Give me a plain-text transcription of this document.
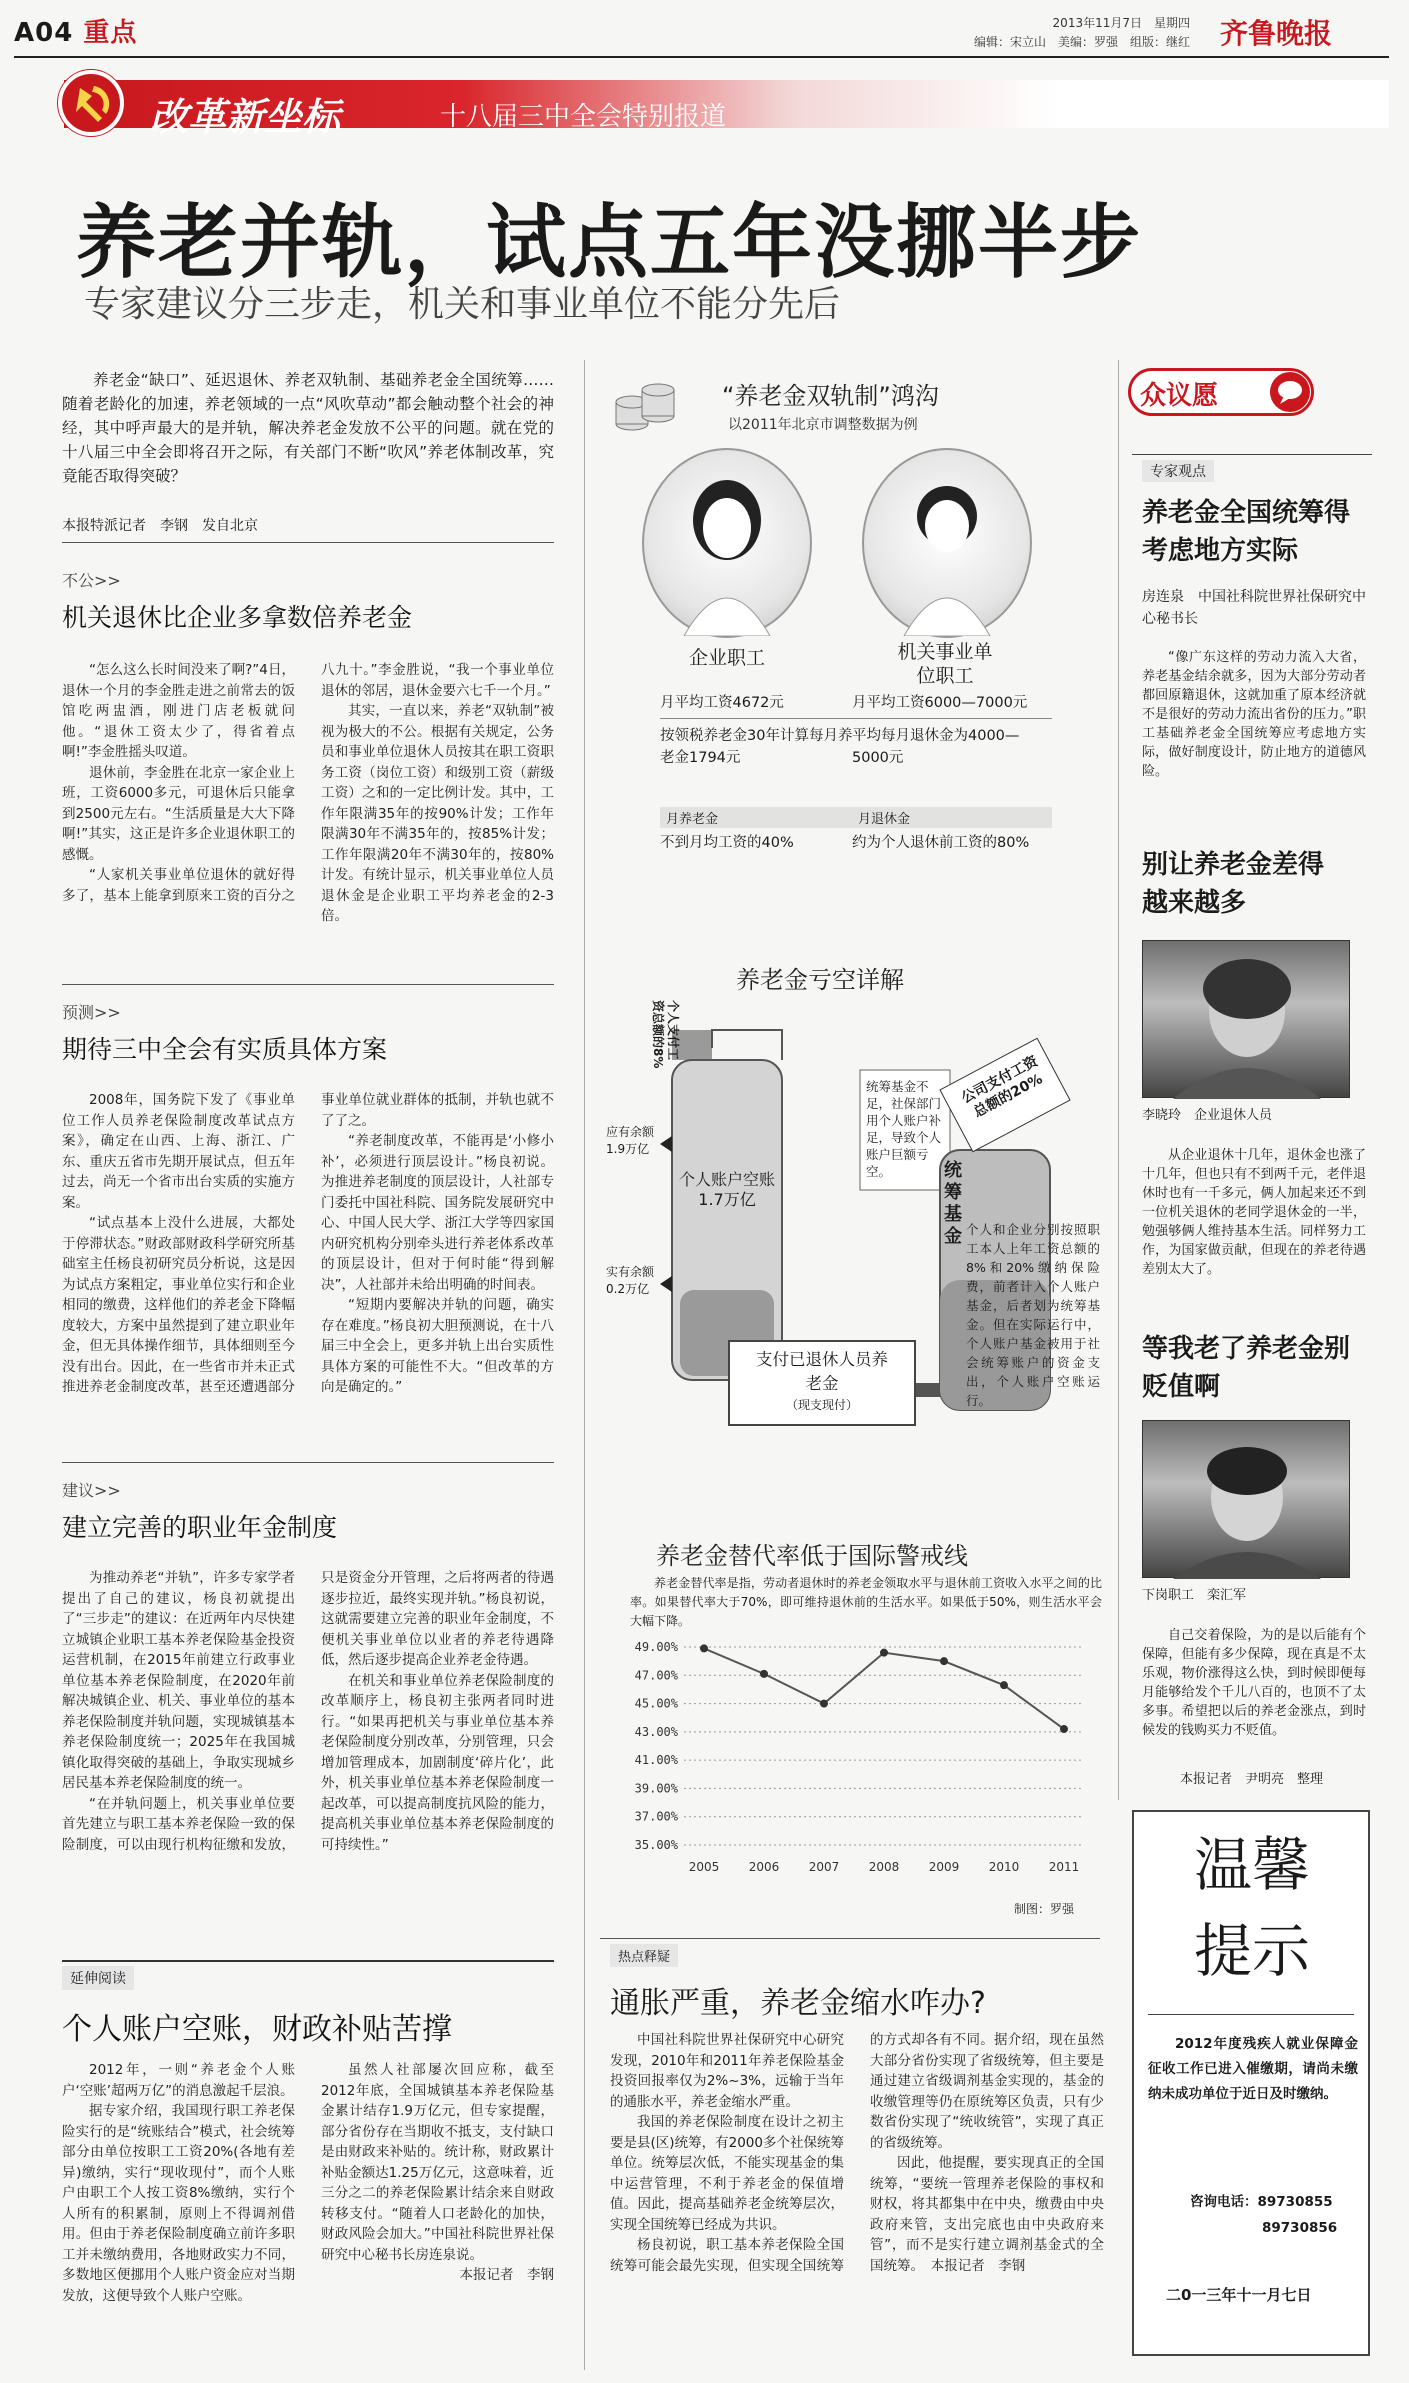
A04 重点	2013年11月7日　星期四
编辑：宋立山　美编：罗强　组版：继红 齐鲁晚报
改革新坐标	十八届三中全会特别报道
养老并轨，试点五年没挪半步
专家建议分三步走，机关和事业单位不能分先后
养老金“缺口”、延迟退休、养老双轨制、基础养老金全国统筹……随着老龄化的加速，养老领域的一点“风吹草动”都会触动整个社会的神经，其中呼声最大的是并轨，解决养老金发放不公平的问题。就在党的十八届三中全会即将召开之际，有关部门不断“吹风”养老体制改革，究竟能否取得突破？
本报特派记者　李钢　发自北京
不公>>
机关退休比企业多拿数倍养老金

“怎么这么长时间没来了啊?”4日，退休一个月的李金胜走进之前常去的饭馆吃两盅酒，刚进门店老板就问他。“退休工资太少了，得省着点啊!”李金胜摇头叹道。

退休前，李金胜在北京一家企业上班，工资6000多元，可退休后只能拿到2500元左右。“生活质量是大大下降啊!”其实，这正是许多企业退休职工的感慨。

“人家机关事业单位退休的就好得多了，基本上能拿到原来工资的百分之八九十。”李金胜说，“我一个事业单位退休的邻居，退休金要六七千一个月。”

其实，一直以来，养老“双轨制”被视为极大的不公。根据有关规定，公务员和事业单位退休人员按其在职工资职务工资（岗位工资）和级别工资（薪级工资）之和的一定比例计发。其中，工作年限满35年的按90%计发；工作年限满30年不满35年的，按85%计发；工作年限满20年不满30年的，按80%计发。有统计显示，机关事业单位人员退休金是企业职工平均养老金的2-3倍。

预测>>
期待三中全会有实质具体方案

2008年，国务院下发了《事业单位工作人员养老保险制度改革试点方案》，确定在山西、上海、浙江、广东、重庆五省市先期开展试点，但五年过去，尚无一个省市出台实质的实施方案。

“试点基本上没什么进展，大都处于停滞状态。”财政部财政科学研究所基础室主任杨良初研究员分析说，这是因为试点方案粗定，事业单位实行和企业相同的缴费，这样他们的养老金下降幅度较大，方案中虽然提到了建立职业年金，但无具体操作细节，具体细则至今没有出台。因此，在一些省市并未正式推进养老金制度改革，甚至还遭遇部分事业单位就业群体的抵制，并轨也就不了了之。

“养老制度改革，不能再是‘小修小补’，必须进行顶层设计。”杨良初说。为推进养老制度的顶层设计，人社部专门委托中国社科院、国务院发展研究中心、中国人民大学、浙江大学等四家国内研究机构分别牵头进行养老体系改革的顶层设计，但对于何时能“得到解决”，人社部并未给出明确的时间表。

“短期内要解决并轨的问题，确实存在难度。”杨良初大胆预测说，在十八届三中全会上，更多并轨上出台实质性具体方案的可能性不大。“但改革的方向是确定的。”

建议>>
建立完善的职业年金制度

为推动养老“并轨”，许多专家学者提出了自己的建议，杨良初就提出了“三步走”的建议：在近两年内尽快建立城镇企业职工基本养老保险基金投资运营机制，在2015年前建立行政事业单位基本养老保险制度，在2020年前解决城镇企业、机关、事业单位的基本养老保险制度并轨问题，实现城镇基本养老保险制度统一；2025年在我国城镇化取得突破的基础上，争取实现城乡居民基本养老保险制度的统一。

“在并轨问题上，机关事业单位要首先建立与职工基本养老保险一致的保险制度，可以由现行机构征缴和发放，只是资金分开管理，之后将两者的待遇逐步拉近，最终实现并轨。”杨良初说，这就需要建立完善的职业年金制度，不便机关事业单位以业者的养老待遇降低，然后逐步提高企业养老金待遇。

在机关和事业单位养老保险制度的改革顺序上，杨良初主张两者同时进行。“如果再把机关与事业单位基本养老保险制度分别改革，分别管理，只会增加管理成本，加剧制度‘碎片化’，此外，机关事业单位基本养老保险制度一起改革，可以提高制度抗风险的能力，提高机关事业单位基本养老保险制度的可持续性。”

延伸阅读
个人账户空账，财政补贴苦撑

2012年，一则“养老金个人账户‘空账’超两万亿”的消息激起千层浪。

据专家介绍，我国现行职工养老保险实行的是“统账结合”模式，社会统筹部分由单位按职工工资20%(各地有差异)缴纳，实行“现收现付”，而个人账户由职工个人按工资8%缴纳，实行个人所有的积累制，原则上不得调剂借用。但由于养老保险制度确立前许多职工并未缴纳费用，各地财政实力不同，多数地区便挪用个人账户资金应对当期发放，这便导致个人账户空账。

虽然人社部屡次回应称，截至2012年底，全国城镇基本养老保险基金累计结存1.9万亿元，但专家提醒，部分省份存在当期收不抵支，支付缺口是由财政来补贴的。统计称，财政累计补贴金额达1.25万亿元，这意味着，近三分之二的养老保险累计结余来自财政转移支付。“随着人口老龄化的加快，财政风险会加大。”中国社科院世界社保研究中心秘书长房连泉说。

本报记者　李钢

“养老金双轨制”鸿沟
以2011年北京市调整数据为例
企业职工	机关事业单位职工
月平均工资4672元
按领税养老金30年计算每月养老金1794元
月养老金
不到月均工资的40%
月平均工资6000—7000元
平均每月退休金为4000—5000元
月退休金
约为个人退休前工资的80%
养老金亏空详解
个人支付工资总额的8%
应有余额1.9万亿
实有余额0.2万亿
个人账户空账1.7万亿
统筹基金不足，社保部门用个人账户补足，导致个人账户巨额亏空。
公司支付工资总额的20%
统筹基金
支付已退休人员养老金
（现支现付）
个人和企业分别按照职工本人上年工资总额的8%和20%缴纳保险费，前者计入个人账户基金，后者划为统筹基金。但在实际运行中，个人账户基金被用于社会统筹账户的资金支出，个人账户空账运行。
养老金替代率低于国际警戒线
养老金替代率是指，劳动者退休时的养老金领取水平与退休前工资收入水平之间的比率。如果替代率大于70%，即可维持退休前的生活水平。如果低于50%，则生活水平会大幅下降。
35.00%
37.00%
39.00%
41.00%
43.00%
45.00%
47.00%
49.00%
2005 2006 2007 2008 2009 2010 2011
制图：罗强
热点释疑
通胀严重，养老金缩水咋办?

中国社科院世界社保研究中心研究发现，2010年和2011年养老保险基金投资回报率仅为2%~3%，远输于当年的通胀水平，养老金缩水严重。

我国的养老保险制度在设计之初主要是县(区)统筹，有2000多个社保统筹单位。统筹层次低，不能实现基金的集中运营管理，不利于养老金的保值增值。因此，提高基础养老金统筹层次，实现全国统筹已经成为共识。

杨良初说，职工基本养老保险全国统筹可能会最先实现，但实现全国统筹的方式却各有不同。据介绍，现在虽然大部分省份实现了省级统筹，但主要是通过建立省级调剂基金实现的，基金的收缴管理等仍在原统筹区负责，只有少数省份实现了“统收统管”，实现了真正的省级统筹。

因此，他提醒，要实现真正的全国统筹，“要统一管理养老保险的事权和财权，将其都集中在中央，缴费由中央政府来管，支出完底也由中央政府来管”，而不是实行建立调剂基金式的全国统筹。　本报记者　李钢

众议愿
专家观点
养老金全国统筹得考虑地方实际
房连泉　中国社科院世界社保研究中心秘书长
“像广东这样的劳动力流入大省，养老基金结余就多，因为大部分劳动者都回原籍退休，这就加重了原本经济就不是很好的劳动力流出省份的压力。”职工基础养老金全国统筹应考虑地方实际，做好制度设计，防止地方的道德风险。
别让养老金差得越来越多
李晓玲　企业退休人员
从企业退休十几年，退休金也涨了十几年，但也只有不到两千元，老伴退休时也有一千多元，俩人加起来还不到一位机关退休的老同学退休金的一半，勉强够俩人维持基本生活。同样努力工作，为国家做贡献，但现在的养老待遇差别太大了。
等我老了养老金别贬值啊
下岗职工　栾汇军
自己交着保险，为的是以后能有个保障，但能有多少保障，现在真是不太乐观，物价涨得这么快，到时候即便每月能够给发个千儿八百的，也顶不了太多事。希望把以后的养老金涨点，到时候发的钱购买力不贬值。
本报记者　尹明亮　整理
温馨提示
2012年度残疾人就业保障金征收工作已进入催缴期，请尚未缴纳未成功单位于近日及时缴纳。
咨询电话：89730855
89730856
二0一三年十一月七日
